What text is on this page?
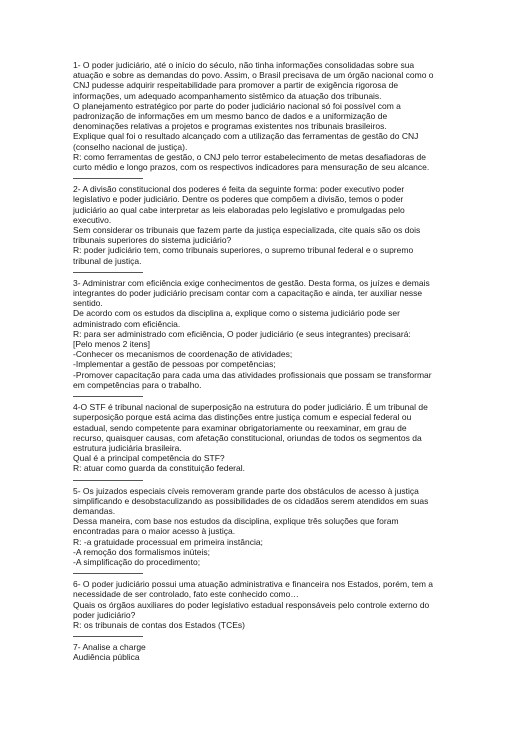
1- O poder judiciário, até o início do século, não tinha informações consolidadas sobre sua

atuação e sobre as demandas do povo. Assim, o Brasil precisava de um órgão nacional como o

CNJ pudesse adquirir respeitabilidade para promover a partir de exigência rigorosa de

informações, um adequado acompanhamento sistêmico da atuação dos tribunais.

O planejamento estratégico por parte do poder judiciário nacional só foi possível com a

padronização de informações em um mesmo banco de dados e a uniformização de

denominações relativas a projetos e programas existentes nos tribunais brasileiros.

Explique qual foi o resultado alcançado com a utilização das ferramentas de gestão do CNJ

(conselho nacional de justiça).

R: como ferramentas de gestão, o CNJ pelo terror estabelecimento de metas desafiadoras de

curto médio e longo prazos, com os respectivos indicadores para mensuração de seu alcance.

2- A divisão constitucional dos poderes é feita da seguinte forma: poder executivo poder

legislativo e poder judiciário. Dentre os poderes que compõem a divisão, temos o poder

judiciário ao qual cabe interpretar as leis elaboradas pelo legislativo e promulgadas pelo

executivo.

Sem considerar os tribunais que fazem parte da justiça especializada, cite quais são os dois

tribunais superiores do sistema judiciário?

R: poder judiciário tem, como tribunais superiores, o supremo tribunal federal e o supremo

tribunal de justiça.

3- Administrar com eficiência exige conhecimentos de gestão. Desta forma, os juízes e demais

integrantes do poder judiciário precisam contar com a capacitação e ainda, ter auxiliar nesse

sentido.

De acordo com os estudos da disciplina a, explique como o sistema judiciário pode ser

administrado com eficiência.

R: para ser administrado com eficiência, O poder judiciário (e seus integrantes) precisará:

[Pelo menos 2 itens]

-Conhecer os mecanismos de coordenação de atividades;

-Implementar a gestão de pessoas por competências;

-Promover capacitação para cada uma das atividades profissionais que possam se transformar

em competências para o trabalho.

4-O STF é tribunal nacional de superposição na estrutura do poder judiciário. É um tribunal de

superposição porque está acima das distinções entre justiça comum e especial federal ou

estadual, sendo competente para examinar obrigatoriamente ou reexaminar, em grau de

recurso, quaisquer causas, com afetação constitucional, oriundas de todos os segmentos da

estrutura judiciária brasileira.

Qual é a principal competência do STF?

R: atuar como guarda da constituição federal.

5- Os juizados especiais cíveis removeram grande parte dos obstáculos de acesso à justiça

simplificando e desobstaculizando as possibilidades de os cidadãos serem atendidos em suas

demandas.

Dessa maneira, com base nos estudos da disciplina, explique três soluções que foram

encontradas para o maior acesso à justiça.

R: -a gratuidade processual em primeira instância;

-A remoção dos formalismos inúteis;

-A simplificação do procedimento;

6- O poder judiciário possui uma atuação administrativa e financeira nos Estados, porém, tem a

necessidade de ser controlado, fato este conhecido como…

Quais os órgãos auxiliares do poder legislativo estadual responsáveis pelo controle externo do

poder judiciário?

R: os tribunais de contas dos Estados (TCEs)

7- Analise a charge

Audiência pública
